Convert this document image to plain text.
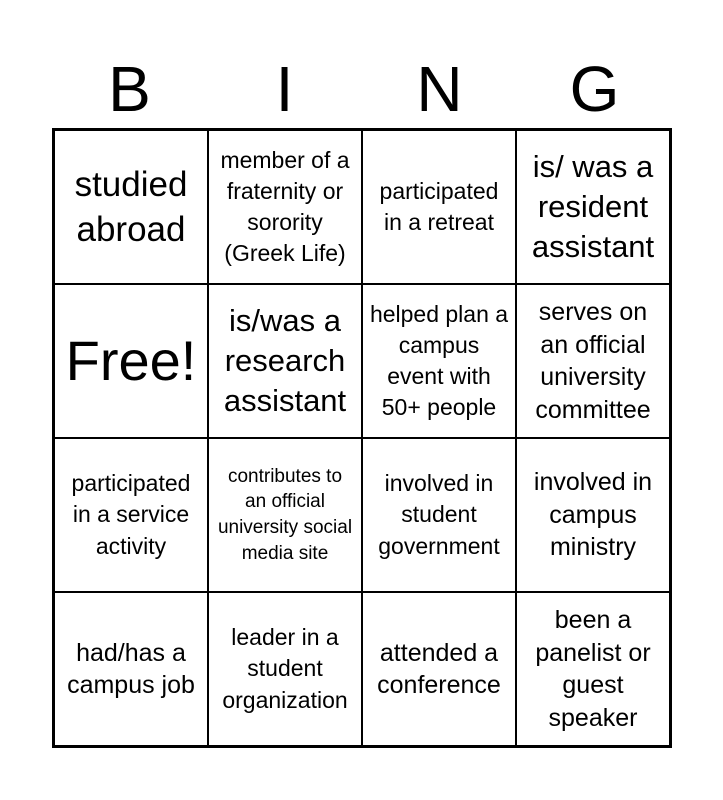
B	I	N	G
studied abroad
member of a fraternity or sorority (Greek Life)
participated in a retreat
is/ was a resident assistant
Free!
is/was a research assistant
helped plan a campus event with 50+ people
serves on an official university committee
participated in a service activity
contributes to an official university social media site
involved in student government
involved in campus ministry
had/has a campus job
leader in a student organization
attended a conference
been a panelist or guest speaker
